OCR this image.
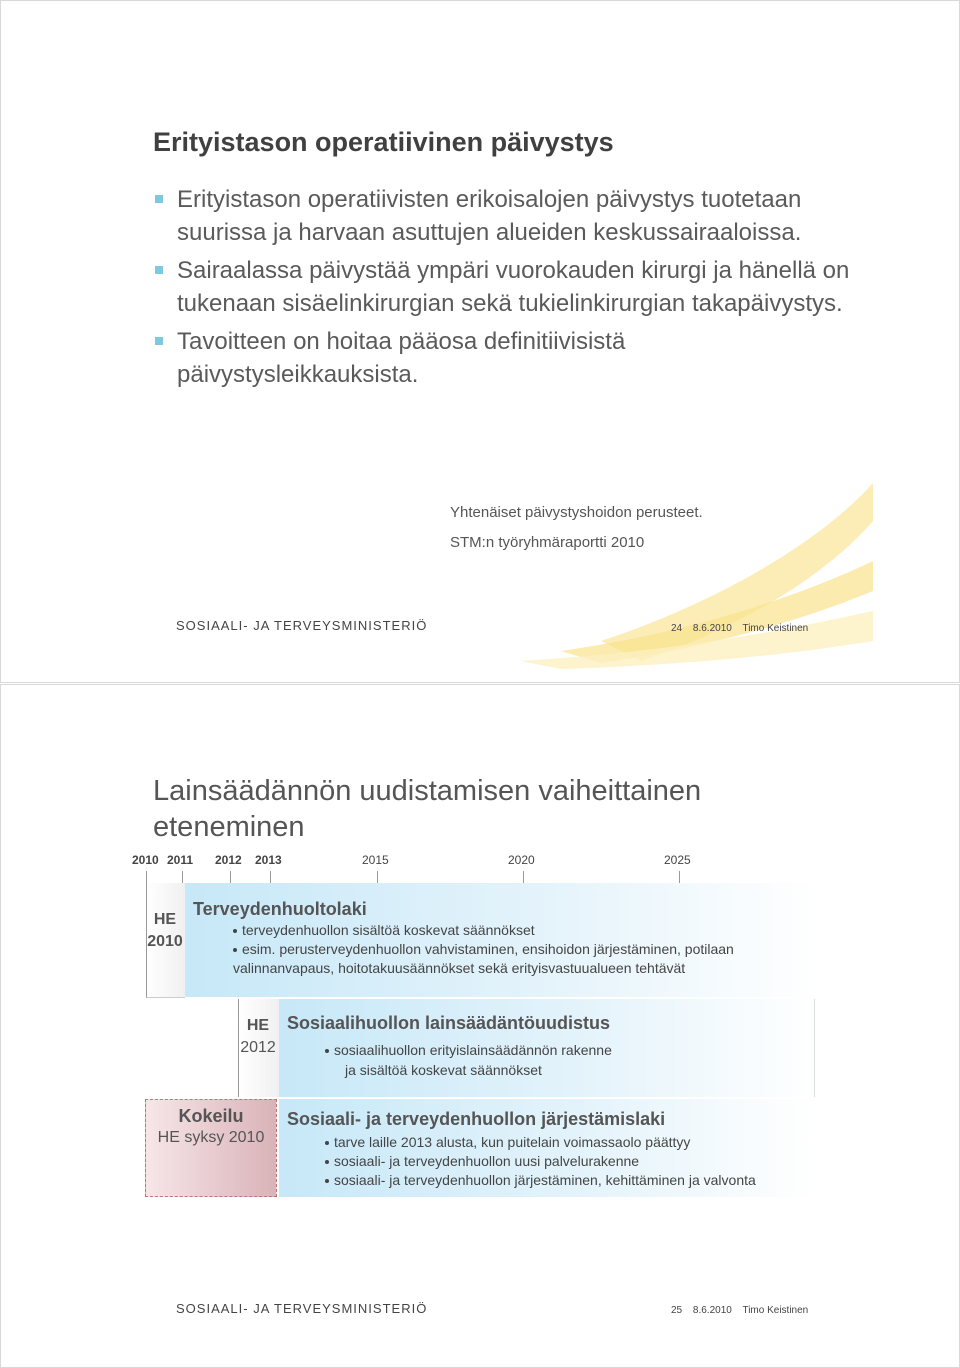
Erityistason operatiivinen päivystys
Erityistason operatiivisten erikoisalojen päivystys tuotetaan suurissa ja harvaan asuttujen alueiden keskussairaaloissa.
Sairaalassa päivystää ympäri vuorokauden kirurgi ja hänellä on tukenaan sisäelinkirurgian sekä tukielinkirurgian takapäivystys.
Tavoitteen on hoitaa pääosa definitiivisistä päivystysleikkauksista.
Yhtenäiset päivystyshoidon perusteet.
STM:n työryhmäraportti 2010
SOSIAALI- JA TERVEYSMINISTERIÖ	24 8.6.2010 Timo Keistinen
Lainsäädännön uudistamisen vaiheittainen eteneminen
2010 2011 2012 2013	2015	2020	2025
HE
2010
Terveydenhuoltolaki
terveydenhuollon sisältöä koskevat säännökset
esim. perusterveydenhuollon vahvistaminen, ensihoidon järjestäminen, potilaan
valinnanvapaus, hoitotakuusäännökset sekä erityisvastuualueen tehtävät
HE
2012
Sosiaalihuollon lainsäädäntöuudistus
sosiaalihuollon erityislainsäädännön rakenne
ja sisältöä koskevat säännökset
Kokeilu
HE syksy 2010
Sosiaali- ja terveydenhuollon järjestämislaki
tarve laille 2013 alusta, kun puitelain voimassaolo päättyy
sosiaali- ja terveydenhuollon uusi palvelurakenne
sosiaali- ja terveydenhuollon järjestäminen, kehittäminen ja valvonta
SOSIAALI- JA TERVEYSMINISTERIÖ	25 8.6.2010 Timo Keistinen
